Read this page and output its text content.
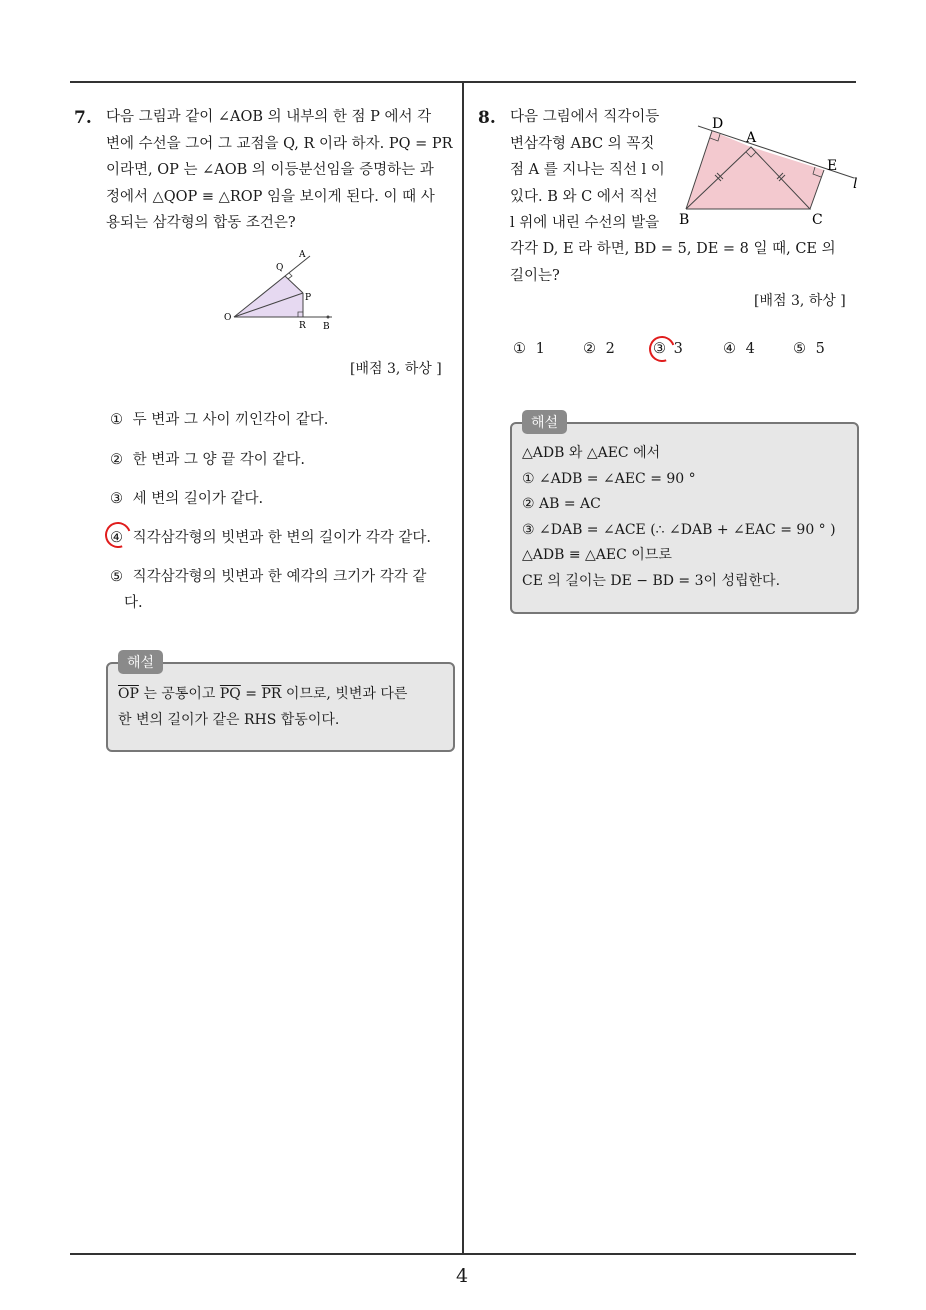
4
7. 다음 그림과 같이 ∠AOB 의 내부의 한 점 P 에서 각

변에 수선을 그어 그 교점을 Q, R 이라 하자. PQ = PR

이라면, OP 는 ∠AOB 의 이등분선임을 증명하는 과

정에서 △QOP ≡ △ROP 임을 보이게 된다. 이 때 사

용되는 삼각형의 합동 조건은?

A
Q
P
O
R B
[배점 3, 하상 ]
① 두 변과 그 사이 끼인각이 같다.
② 한 변과 그 양 끝 각이 같다.
③ 세 변의 길이가 같다.
④ 직각삼각형의 빗변과 한 변의 길이가 각각 같다.
⑤ 직각삼각형의 빗변과 한 예각의 크기가 각각 같
다.
해설

$\overline{OP}$ 는 공통이고 $\overline{PQ} = \overline{PR}$ 이므로, 빗변과 다른

한 변의 길이가 같은 RHS 합동이다.

8. 다음 그림에서 직각이등

변삼각형 ABC 의 꼭짓

점 A 를 지나는 직선 l 이

있다. B 와 C 에서 직선

l 위에 내린 수선의 발을

각각 D, E 라 하면, BD = 5, DE = 8 일 때, CE 의

길이는?

D
A
E
l
B	C
[배점 3, 하상 ]
① 1	② 2	③ 3	④ 4	⑤ 5
해설

△ADB 와 △AEC 에서

① ∠ADB = ∠AEC = 90 °

② AB = AC

③ ∠DAB = ∠ACE (∴ ∠DAB + ∠EAC = 90 ° )

△ADB ≡ △AEC 이므로

CE 의 길이는 DE − BD = 3이 성립한다.
